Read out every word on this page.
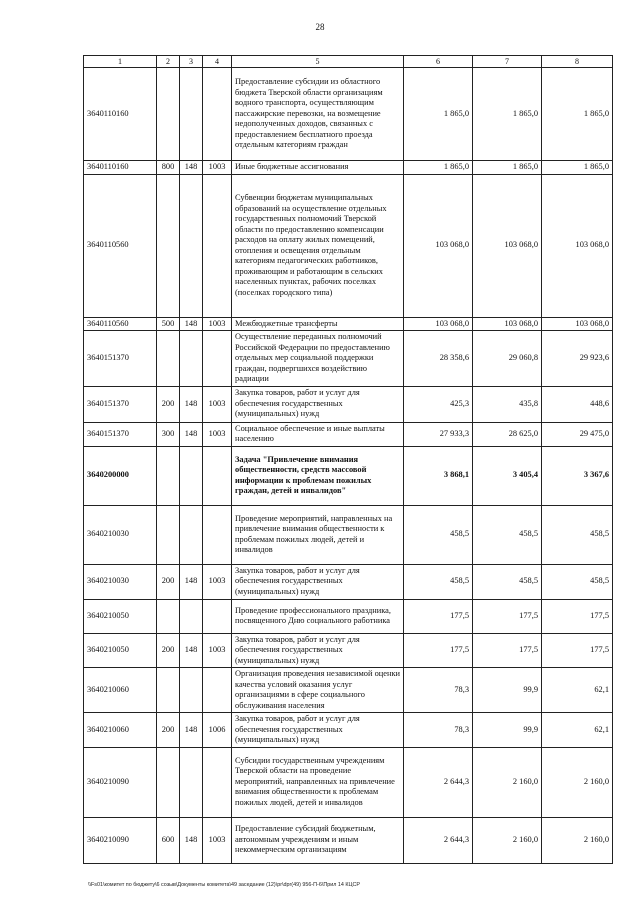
28
1	2	3	4	5	6	7	8
3640110160				Предоставление субсидии из областного бюджета Тверской области организациям водного транспорта, осуществляющим пассажирские перевозки, на возмещение недополученных доходов, связанных с предоставлением бесплатного проезда отдельным категориям граждан	1 865,0	1 865,0	1 865,0
3640110160	800	148	1003	Иные бюджетные ассигнования	1 865,0	1 865,0	1 865,0
3640110560				Субвенции бюджетам муниципальных образований на осуществление отдельных государственных полномочий Тверской области по предоставлению компенсации расходов на оплату жилых помещений, отопления и освещения отдельным категориям педагогических работников, проживающим и работающим в сельских населенных пунктах, рабочих поселках (поселках городского типа)	103 068,0	103 068,0	103 068,0
3640110560	500	148	1003	Межбюджетные трансферты	103 068,0	103 068,0	103 068,0
3640151370				Осуществление переданных полномочий Российской Федерации по предоставлению отдельных мер социальной поддержки граждан, подвергшихся воздействию радиации	28 358,6	29 060,8	29 923,6
3640151370	200	148	1003	Закупка товаров, работ и услуг для обеспечения государственных (муниципальных) нужд	425,3	435,8	448,6
3640151370	300	148	1003	Социальное обеспечение и иные выплаты населению	27 933,3	28 625,0	29 475,0
3640200000				Задача "Привлечение внимания общественности, средств массовой информации к проблемам пожилых граждан, детей и инвалидов"	3 868,1	3 405,4	3 367,6
3640210030				Проведение мероприятий, направленных на привлечение внимания общественности к проблемам пожилых людей, детей и инвалидов	458,5	458,5	458,5
3640210030	200	148	1003	Закупка товаров, работ и услуг для обеспечения государственных (муниципальных) нужд	458,5	458,5	458,5
3640210050				Проведение профессионального праздника, посвященного Дню социального работника	177,5	177,5	177,5
3640210050	200	148	1003	Закупка товаров, работ и услуг для обеспечения государственных (муниципальных) нужд	177,5	177,5	177,5
3640210060				Организация проведения независимой оценки качества условий оказания услуг организациями в сфере социального обслуживания населения	78,3	99,9	62,1
3640210060	200	148	1006	Закупка товаров, работ и услуг для обеспечения государственных (муниципальных) нужд	78,3	99,9	62,1
3640210090				Субсидии государственным учреждениям Тверской области на проведение мероприятий, направленных на привлечение внимания общественности к проблемам пожилых людей, детей и инвалидов	2 644,3	2 160,0	2 160,0
3640210090	600	148	1003	Предоставление субсидий бюджетным, автономным учреждениям и иным некоммерческим организациям	2 644,3	2 160,0	2 160,0
\\Fs01\комитет по бюджету\6 созыв\Документы комитета\49 заседание (12)\pr\dpr(49) 956-П-6\Прил 14 КЦСР
